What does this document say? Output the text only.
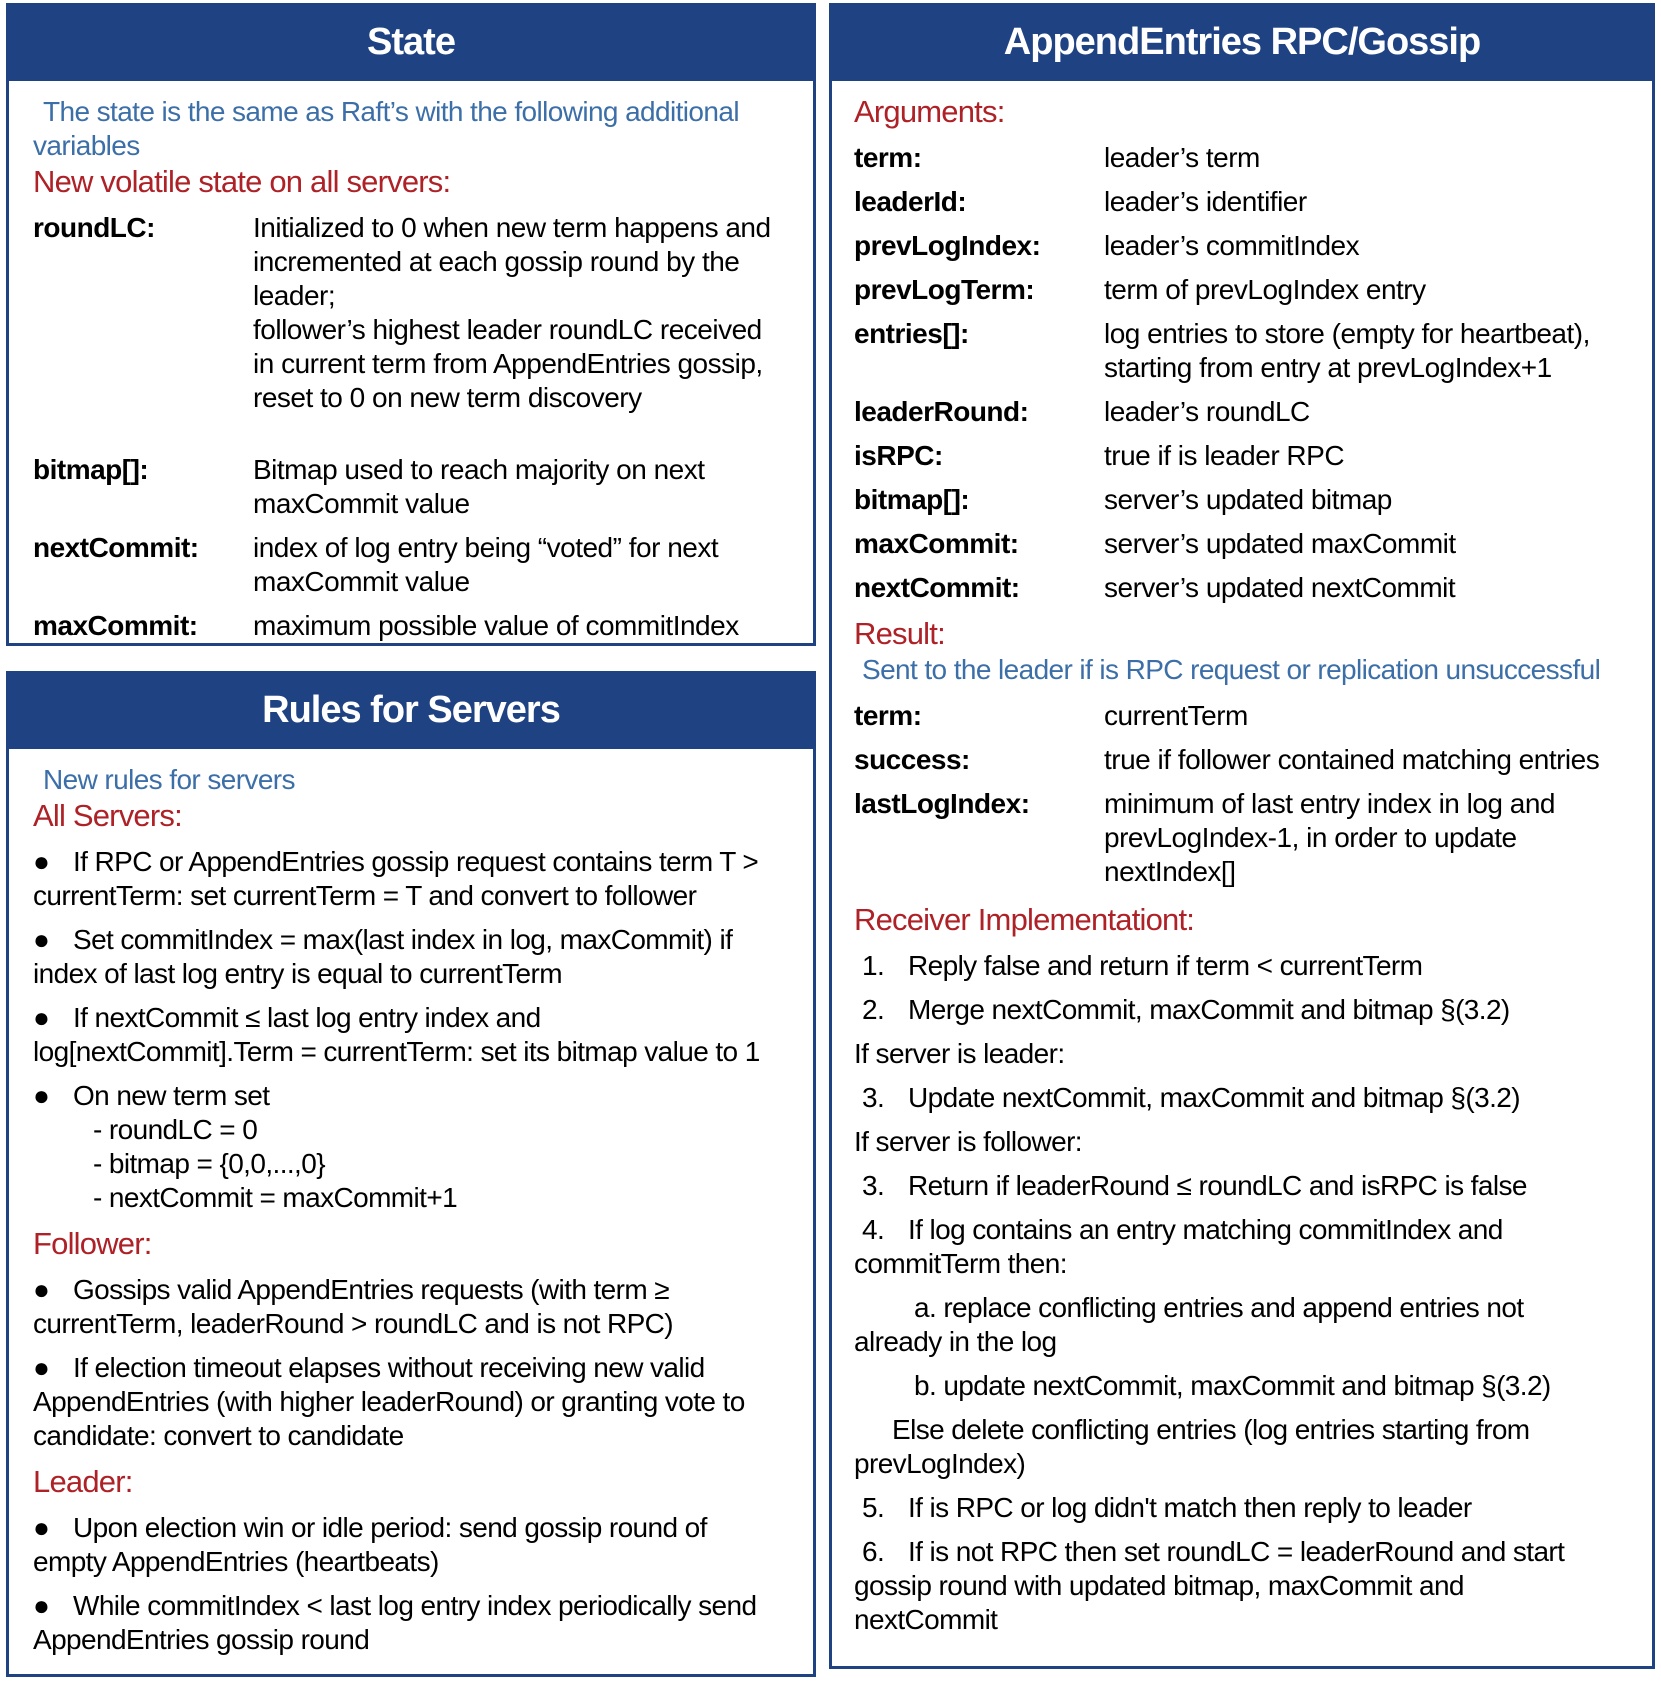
State
The state is the same as Raft’s with the following additional variables
New volatile state on all servers:
roundLC:	Initialized to 0 when new term happens and
incremented at each gossip round by the
leader;
follower’s highest leader roundLC received
in current term from AppendEntries gossip,
reset to 0 on new term discovery
bitmap[]:	Bitmap used to reach majority on next
maxCommit value
nextCommit:	index of log entry being “voted” for next
maxCommit value
maxCommit:	maximum possible value of commitIndex
Rules for Servers
New rules for servers
All Servers:
● If RPC or AppendEntries gossip request contains term T >
currentTerm: set currentTerm = T and convert to follower
● Set commitIndex = max(last index in log, maxCommit) if
index of last log entry is equal to currentTerm
● If nextCommit ≤ last log entry index and
log[nextCommit].Term = currentTerm: set its bitmap value to 1
● On new term set
- roundLC = 0
- bitmap = {0,0,...,0}
- nextCommit = maxCommit+1
Follower:
● Gossips valid AppendEntries requests (with term ≥
currentTerm, leaderRound > roundLC and is not RPC)
● If election timeout elapses without receiving new valid
AppendEntries (with higher leaderRound) or granting vote to
candidate: convert to candidate
Leader:
● Upon election win or idle period: send gossip round of
empty AppendEntries (heartbeats)
● While commitIndex < last log entry index periodically send
AppendEntries gossip round
AppendEntries RPC/Gossip
Arguments:
term:	leader’s term
leaderId:	leader’s identifier
prevLogIndex:	leader’s commitIndex
prevLogTerm:	term of prevLogIndex entry
entries[]:	log entries to store (empty for heartbeat),
starting from entry at prevLogIndex+1
leaderRound:	leader’s roundLC
isRPC:	true if is leader RPC
bitmap[]:	server’s updated bitmap
maxCommit:	server’s updated maxCommit
nextCommit:	server’s updated nextCommit
Result:
Sent to the leader if is RPC request or replication unsuccessful
term:	currentTerm
success:	true if follower contained matching entries
lastLogIndex:	minimum of last entry index in log and
prevLogIndex-1, in order to update
nextIndex[]
Receiver Implementationt:
1. Reply false and return if term < currentTerm
2. Merge nextCommit, maxCommit and bitmap §(3.2)
If server is leader:
3. Update nextCommit, maxCommit and bitmap §(3.2)
If server is follower:
3. Return if leaderRound ≤ roundLC and isRPC is false
4. If log contains an entry matching commitIndex and
commitTerm then:
a. replace conflicting entries and append entries not
already in the log
b. update nextCommit, maxCommit and bitmap §(3.2)
Else delete conflicting entries (log entries starting from
prevLogIndex)
5. If is RPC or log didn't match then reply to leader
6. If is not RPC then set roundLC = leaderRound and start
gossip round with updated bitmap, maxCommit and
nextCommit
